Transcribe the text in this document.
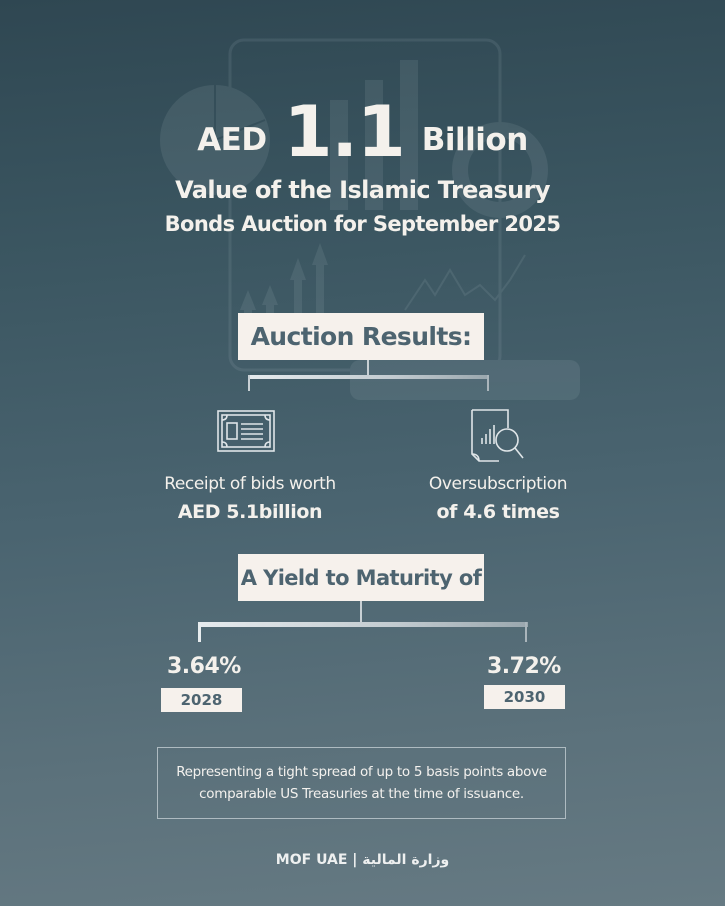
AED 1.1 Billion
Value of the Islamic Treasury
Bonds Auction for September 2025
Auction Results:
Receipt of bids worth
AED 5.1billion
Oversubscription
of 4.6 times
A Yield to Maturity of
3.64%
2028
3.72%
2030
Representing a tight spread of up to 5 basis points above
comparable US Treasuries at the time of issuance.
MOF UAE | وزارة المالية
